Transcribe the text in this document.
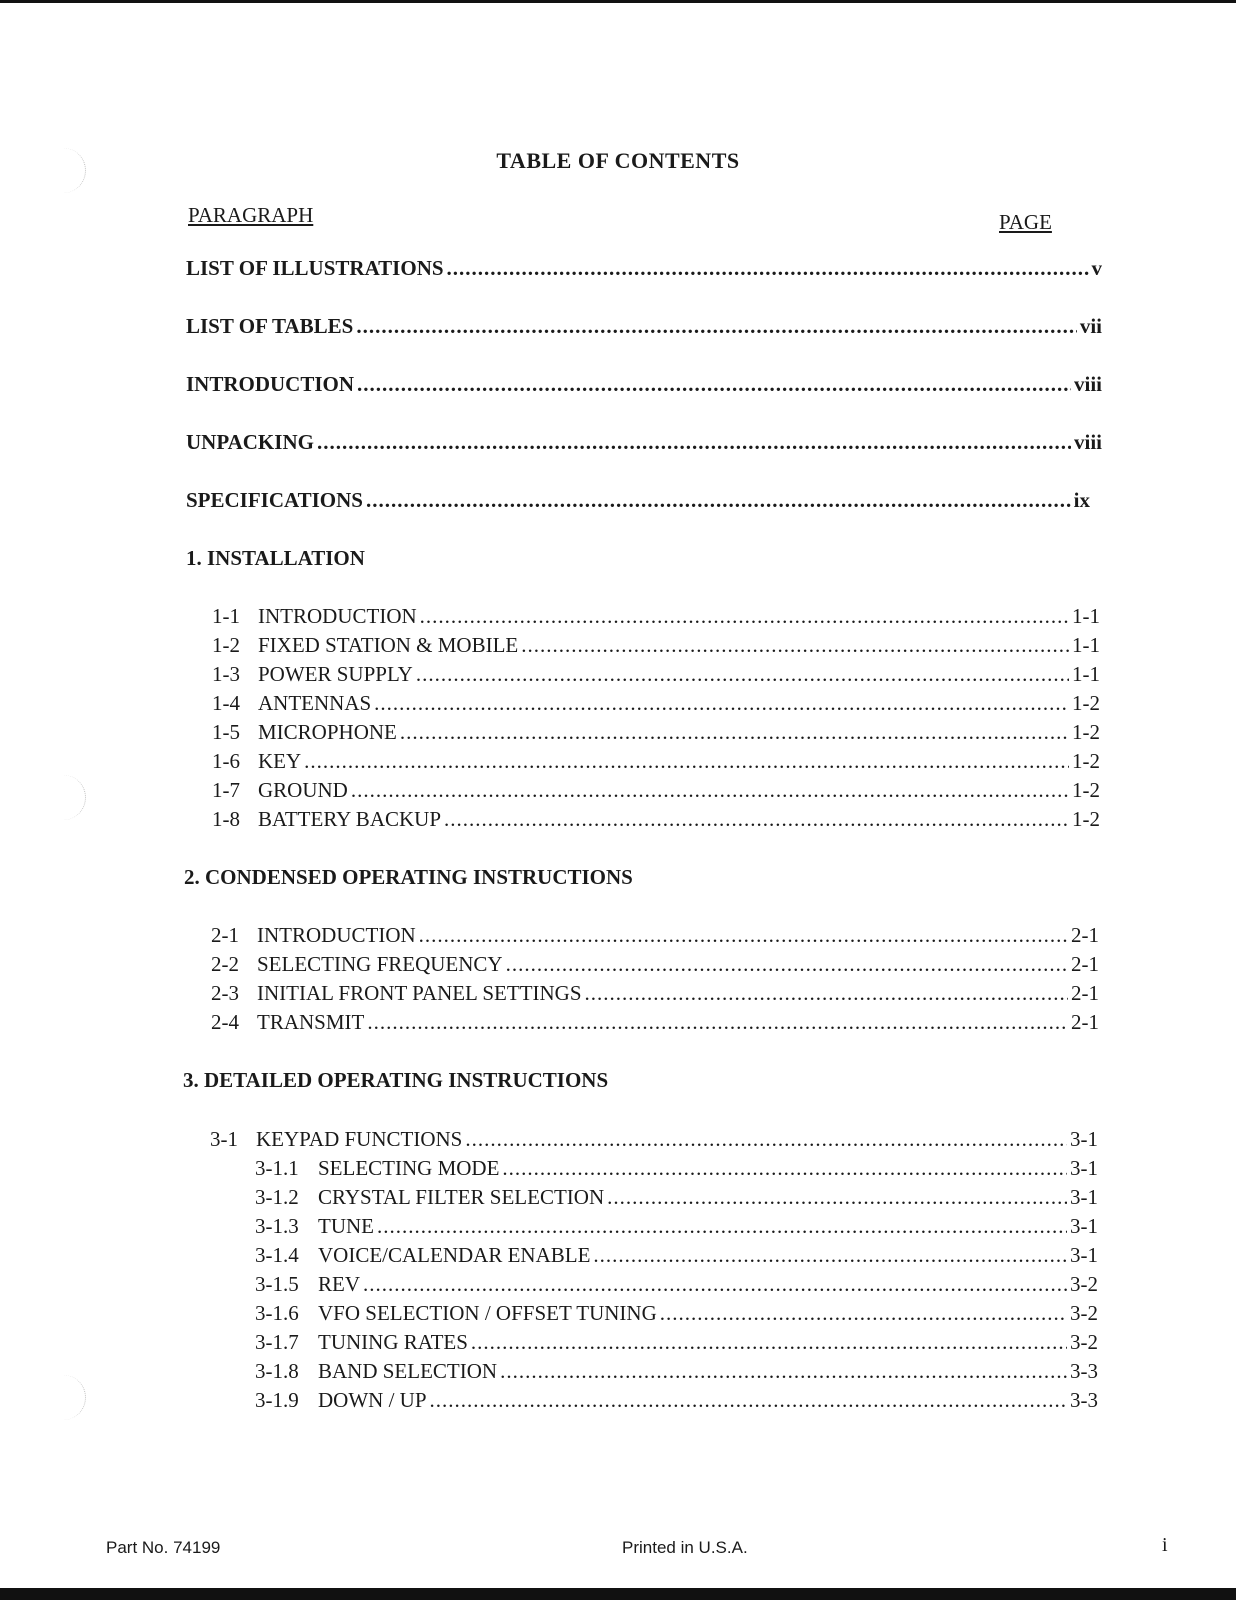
TABLE OF CONTENTS
PARAGRAPH	PAGE
LIST OF ILLUSTRATIONS .....	v
LIST OF TABLES .....	vii
INTRODUCTION .....	viii
UNPACKING .....	viii
SPECIFICATIONS .....	ix
1. INSTALLATION
1-1 INTRODUCTION .....	1-1
1-2 FIXED STATION & MOBILE .....	1-1
1-3 POWER SUPPLY .....	1-1
1-4 ANTENNAS .....	1-2
1-5 MICROPHONE .....	1-2
1-6 KEY .....	1-2
1-7 GROUND .....	1-2
1-8 BATTERY BACKUP .....	1-2
2. CONDENSED OPERATING INSTRUCTIONS
2-1 INTRODUCTION .....	2-1
2-2 SELECTING FREQUENCY .....	2-1
2-3 INITIAL FRONT PANEL SETTINGS .....	2-1
2-4 TRANSMIT .....	2-1
3. DETAILED OPERATING INSTRUCTIONS
3-1 KEYPAD FUNCTIONS .....	3-1
3-1.1 SELECTING MODE .....	3-1
3-1.2 CRYSTAL FILTER SELECTION .....	3-1
3-1.3 TUNE .....	3-1
3-1.4 VOICE/CALENDAR ENABLE .....	3-1
3-1.5 REV .....	3-2
3-1.6 VFO SELECTION / OFFSET TUNING .....	3-2
3-1.7 TUNING RATES .....	3-2
3-1.8 BAND SELECTION .....	3-3
3-1.9 DOWN / UP .....	3-3
Part No. 74199	Printed in U.S.A.	i
